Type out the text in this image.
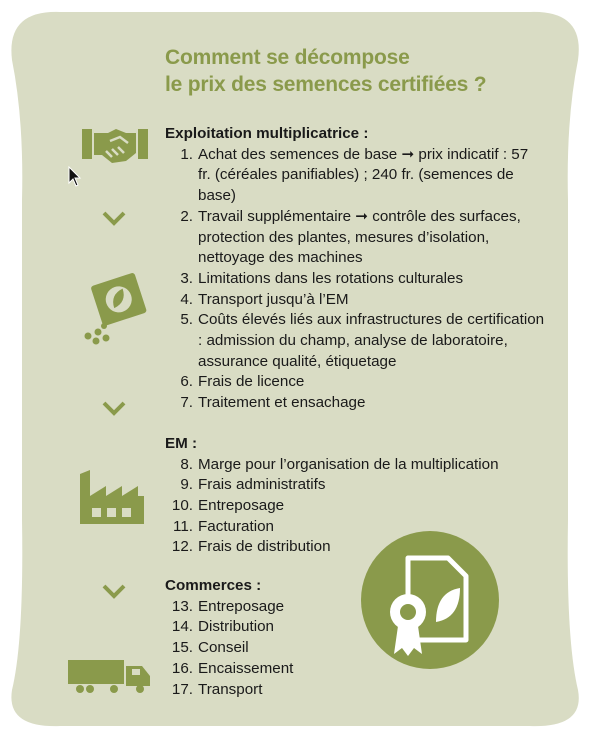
Comment se décompose
le prix des semences certifiées ?
Exploitation multiplicatrice :
1. Achat des semences de base ➞ prix indicatif : 57 fr. (céréales panifiables) ; 240 fr. (semences de base)
2. Travail supplémentaire ➞ contrôle des surfaces, protection des plantes, mesures d’isolation, nettoyage des machines
3. Limitations dans les rotations culturales
4. Transport jusqu’à l’EM
5. Coûts élevés liés aux infrastructures de certification : admission du champ, analyse de laboratoire, assurance qualité, étiquetage
6. Frais de licence
7. Traitement et ensachage
EM :
8. Marge pour l’organisation de la multiplication
9. Frais administratifs
10. Entreposage
11. Facturation
12. Frais de distribution
Commerces :
13. Entreposage
14. Distribution
15. Conseil
16. Encaissement
17. Transport
